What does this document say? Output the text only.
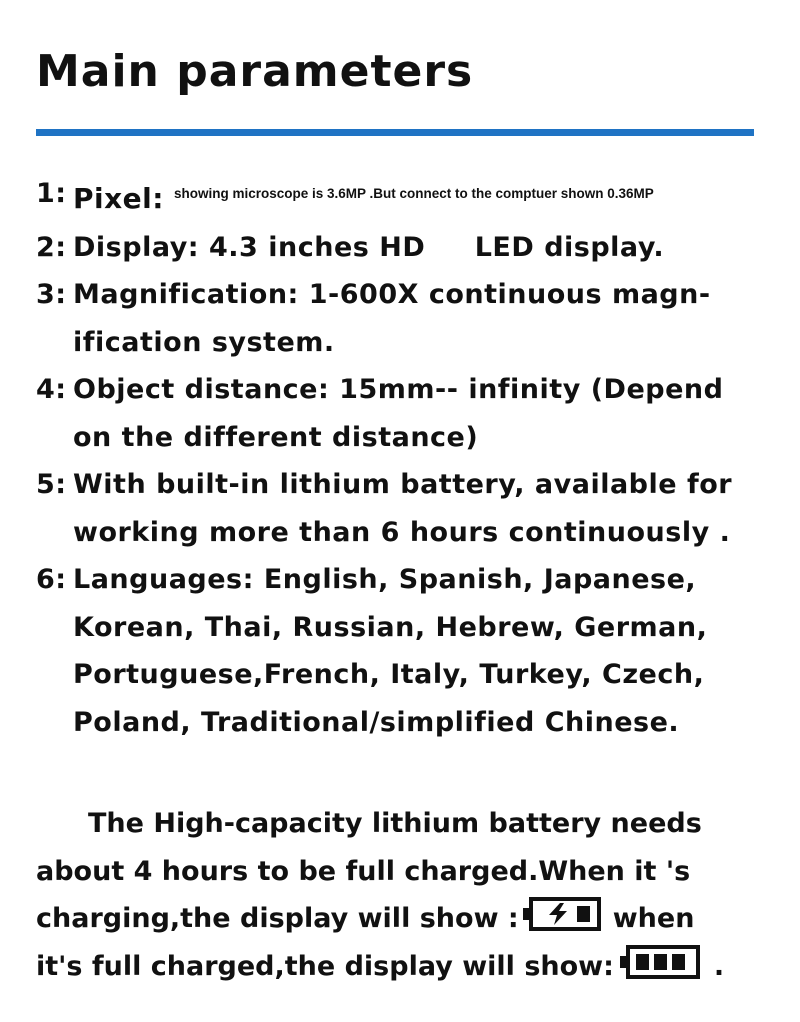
Main parameters
1: Pixel: $^{showing microscope is 3.6MP .But connect to the comptuer shown 0.36MP}$
2: Display: 4.3 inches HD     LED display.
3: Magnification: 1-600X continuous magn-
ification system.
4: Object distance: 15mm-- infinity (Depend
on the different distance)
5: With built-in lithium battery, available for
working more than 6 hours continuously .
6: Languages: English, Spanish, Japanese,
Korean, Thai, Russian, Hebrew, German,
Portuguese,French, Italy, Turkey, Czech,
Poland, Traditional/simplified Chinese.
The High-capacity lithium battery needs
about 4 hours to be full charged.When it 's
charging,the display will show :	when
it's full charged,the display will show:	.
